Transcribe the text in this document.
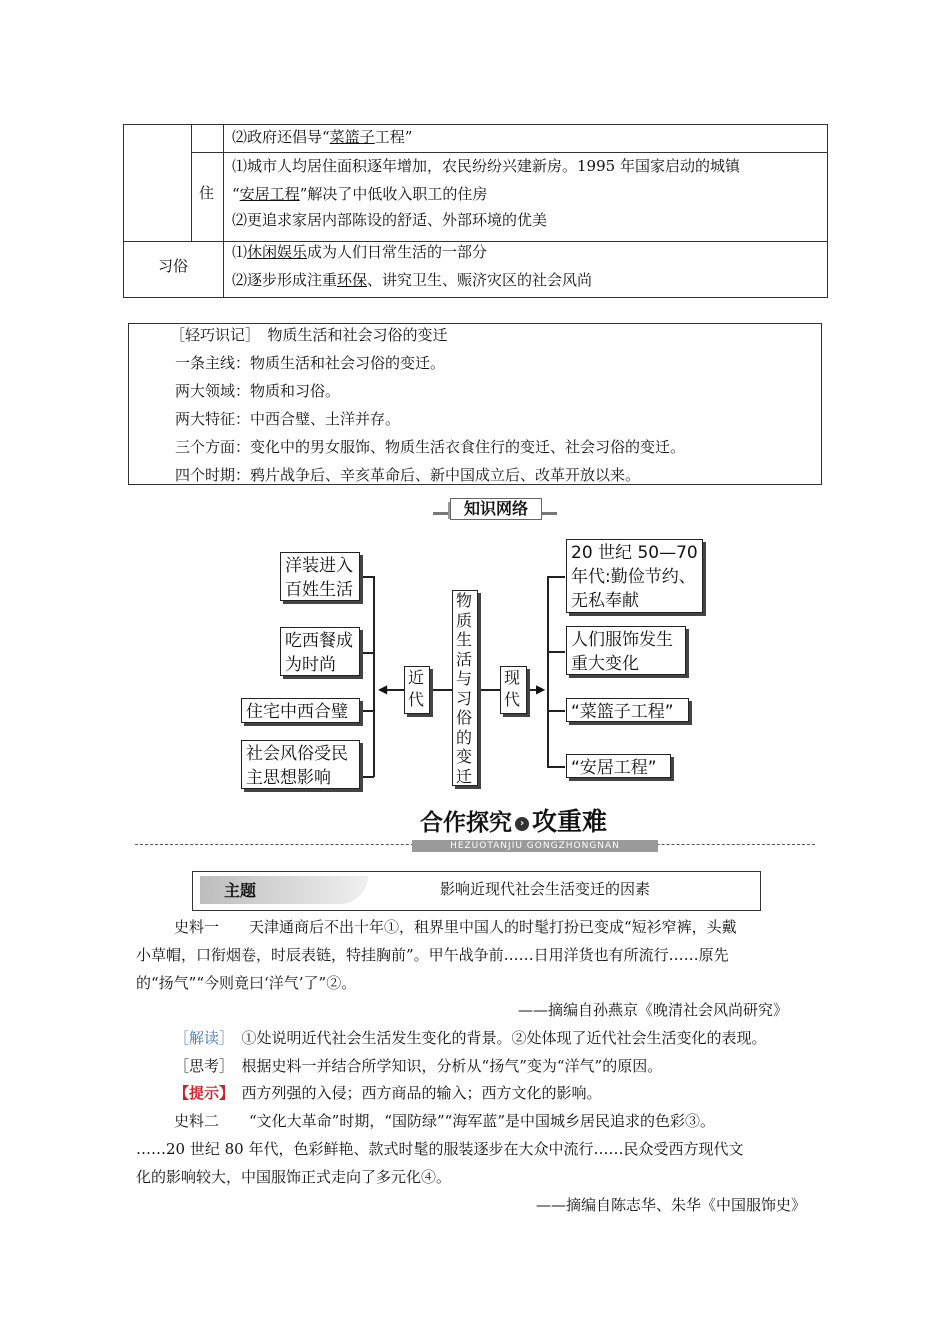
⑵政府还倡导“菜篮子工程”
住
⑴城市人均居住面积逐年增加，农民纷纷兴建新房。1995 年国家启动的城镇
“安居工程”解决了中低收入职工的住房
⑵更追求家居内部陈设的舒适、外部环境的优美
习俗
⑴休闲娱乐成为人们日常生活的一部分
⑵逐步形成注重环保、讲究卫生、赈济灾区的社会风尚
［轻巧识记］　物质生活和社会习俗的变迁
一条主线：物质生活和社会习俗的变迁。
两大领域：物质和习俗。
两大特征：中西合璧、土洋并存。
三个方面：变化中的男女服饰、物质生活衣食住行的变迁、社会习俗的变迁。
四个时期：鸦片战争后、辛亥革命后、新中国成立后、改革开放以来。
知识网络
◀	▶
洋装进入
百姓生活
吃西餐成
为时尚
住宅中西合璧
社会风俗受民
主思想影响
近代
现代
物质生活与习俗的变迁
20 世纪 50—70
年代:勤俭节约、
无私奉献
人们服饰发生
重大变化
“菜篮子工程”
“安居工程”
合作探究 › 攻重难
HEZUOTANJIU GONGZHONGNAN
主题	影响近现代社会生活变迁的因素
史料一　　天津通商后不出十年①，租界里中国人的时髦打扮已变成“短衫窄裤，头戴
小草帽，口衔烟卷，时辰表链，特挂胸前”。甲午战争前……日用洋货也有所流行……原先
的“扬气”“今则竟曰‘洋气’了”②。
——摘编自孙燕京《晚清社会风尚研究》
［解读］　 ①处说明近代社会生活发生变化的背景。②处体现了近代社会生活变化的表现。
［思考］　 根据史料一并结合所学知识，分析从“扬气”变为“洋气”的原因。
【提示】　 西方列强的入侵；西方商品的输入；西方文化的影响。
史料二　　“文化大革命”时期，“国防绿”“海军蓝”是中国城乡居民追求的色彩③。
……20 世纪 80 年代，色彩鲜艳、款式时髦的服装逐步在大众中流行……民众受西方现代文
化的影响较大，中国服饰正式走向了多元化④。
——摘编自陈志华、朱华《中国服饰史》
